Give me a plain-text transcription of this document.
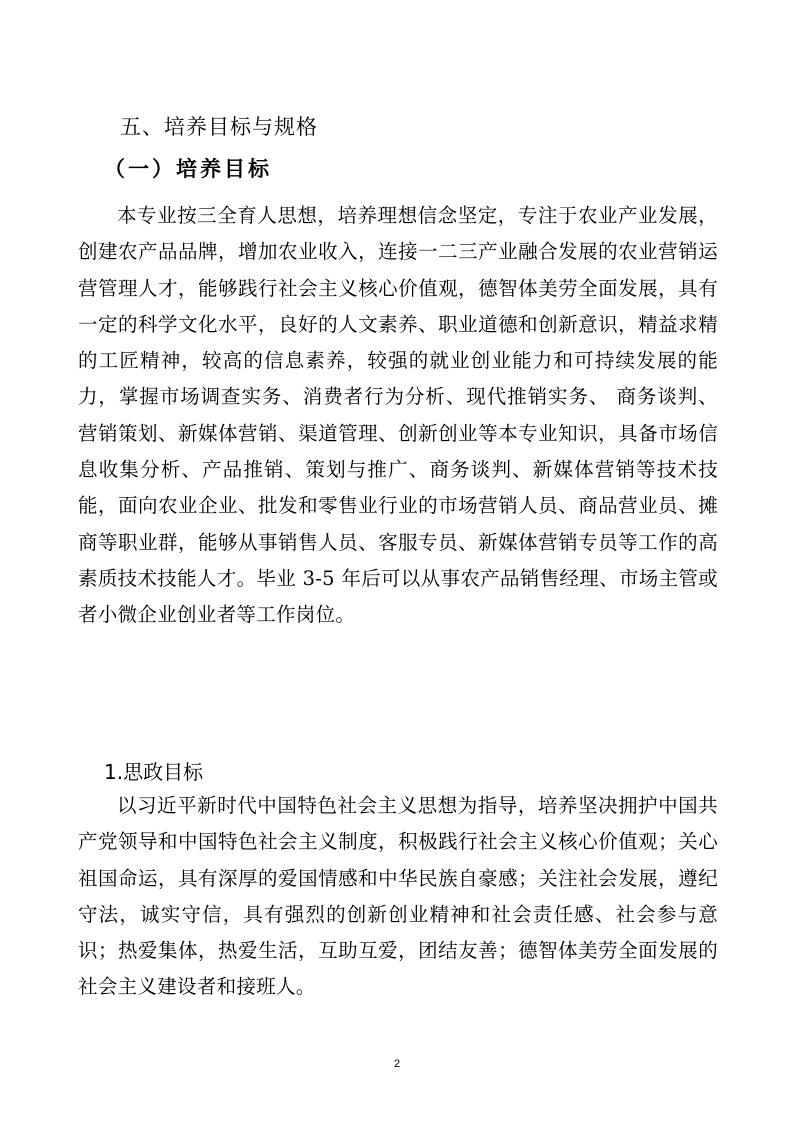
五、培养目标与规格
（一）培养目标

本专业按三全育人思想，培养理想信念坚定，专注于农业产业发展，创建农产品品牌，增加农业收入，连接一二三产业融合发展的农业营销运营管理人才，能够践行社会主义核心价值观，德智体美劳全面发展，具有一定的科学文化水平，良好的人文素养、职业道德和创新意识，精益求精的工匠精神，较高的信息素养，较强的就业创业能力和可持续发展的能力，掌握市场调查实务、消费者行为分析、现代推销实务、 商务谈判、营销策划、新媒体营销、渠道管理、创新创业等本专业知识，具备市场信息收集分析、产品推销、策划与推广、商务谈判、新媒体营销等技术技能，面向农业企业、批发和零售业行业的市场营销人员、商品营业员、摊商等职业群，能够从事销售人员、客服专员、新媒体营销专员等工作的高素质技术技能人才。毕业 3-5 年后可以从事农产品销售经理、市场主管或者小微企业创业者等工作岗位。

1.思政目标

以习近平新时代中国特色社会主义思想为指导，培养坚决拥护中国共产党领导和中国特色社会主义制度，积极践行社会主义核心价值观；关心祖国命运，具有深厚的爱国情感和中华民族自豪感；关注社会发展，遵纪守法，诚实守信，具有强烈的创新创业精神和社会责任感、社会参与意识；热爱集体，热爱生活，互助互爱，团结友善；德智体美劳全面发展的社会主义建设者和接班人。

2
